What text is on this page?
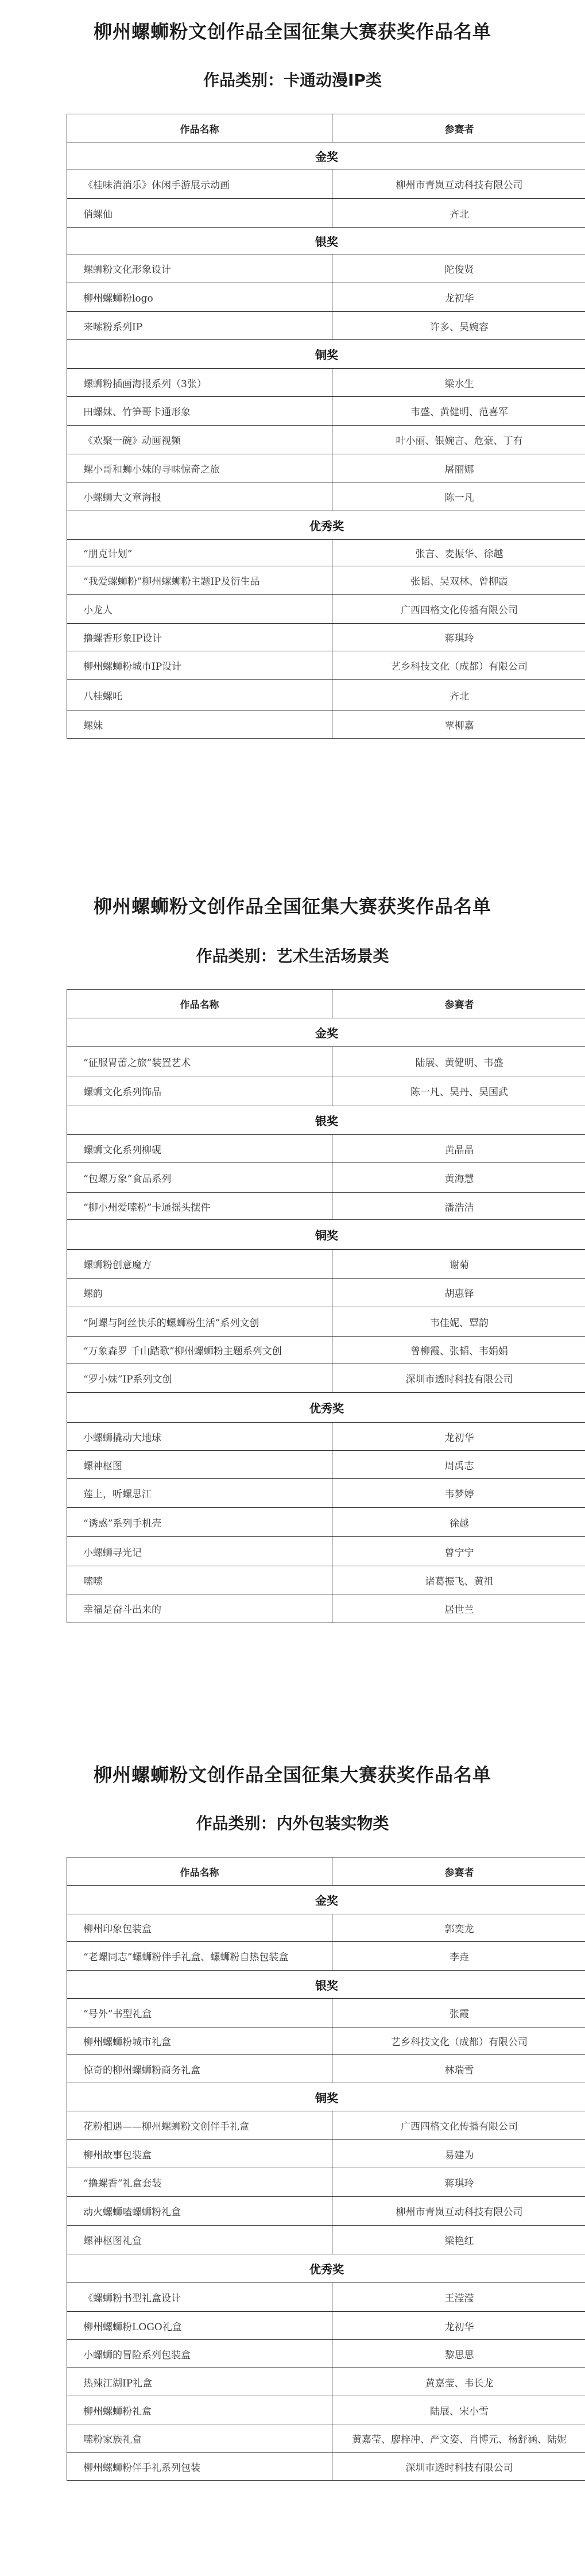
柳州螺蛳粉文创作品全国征集大赛获奖作品名单
作品类别：卡通动漫IP类
作品名称	参赛者
金奖	
《桂味消消乐》休闲手游展示动画	柳州市青岚互动科技有限公司
俏螺仙	齐北
银奖	
螺蛳粉文化形象设计	陀俊贤
柳州螺蛳粉logo	龙初华
来嗦粉系列IP	许多、吴婉容
铜奖	
螺蛳粉插画海报系列（3张）	梁水生
田螺妹、竹笋哥卡通形象	韦盛、黄健明、范喜军
《欢聚一碗》动画视频	叶小丽、银婉言、危豪、丁有
螺小哥和蛳小妹的寻味惊奇之旅	屠丽娜
小螺蛳大文章海报	陈一凡
优秀奖	
“朋克计划”	张言、麦振华、徐越
“我爱螺蛳粉”柳州螺蛳粉主题IP及衍生品	张韬、吴双林、曾柳霞
小龙人	广西四格文化传播有限公司
撸螺香形象IP设计	蒋琪玲
柳州螺蛳粉城市IP设计	艺乡科技文化（成都）有限公司
八桂螺吒	齐北
螺妹	覃柳嘉
柳州螺蛳粉文创作品全国征集大赛获奖作品名单
作品类别：艺术生活场景类
作品名称	参赛者
金奖	
“征服胃蕾之旅”装置艺术	陆展、黄健明、韦盛
螺蛳文化系列饰品	陈一凡、吴丹、吴国武
银奖	
螺蛳文化系列柳砚	黄晶晶
“包螺万象”食品系列	黄海慧
“柳小州爱嗦粉”卡通摇头摆件	潘浩洁
铜奖	
螺蛳粉创意魔方	谢菊
螺韵	胡惠铎
“阿螺与阿丝快乐的螺蛳粉生活”系列文创	韦佳妮、覃韵
“万象森罗 千山踏歌”柳州螺蛳粉主题系列文创	曾柳霞、张韬、韦娟娟
“罗小妹”IP系列文创	深圳市透时科技有限公司
优秀奖	
小螺蛳撬动大地球	龙初华
螺神枢图	周禹志
莲上，听螺思江	韦梦婷
“诱惑”系列手机壳	徐越
小螺蛳寻光记	曾宁宁
嗦嗦	诸葛振飞、黄祖
幸福是奋斗出来的	居世兰
柳州螺蛳粉文创作品全国征集大赛获奖作品名单
作品类别：内外包装实物类
作品名称	参赛者
金奖	
柳州印象包装盒	郭奕龙
“老螺同志”螺蛳粉伴手礼盒、螺蛳粉自热包装盒	李垚
银奖	
“号外”书型礼盒	张霞
柳州螺蛳粉城市礼盒	艺乡科技文化（成都）有限公司
惊奇的柳州螺蛳粉商务礼盒	林瑞雪
铜奖	
花粉相遇——柳州螺蛳粉文创伴手礼盒	广西四格文化传播有限公司
柳州故事包装盒	易建为
“撸螺香”礼盒套装	蒋琪玲
动火螺蛳嗑螺蛳粉礼盒	柳州市青岚互动科技有限公司
螺神枢图礼盒	梁艳红
优秀奖	
《螺蛳粉书型礼盒设计	王滢滢
柳州螺蛳粉LOGO礼盒	龙初华
小螺蛳的冒险系列包装盒	黎思思
热辣江湖IP礼盒	黄嘉莹、韦长龙
柳州螺蛳粉礼盒	陆展、宋小雪
嗦粉家族礼盒	黄嘉莹、廖梓冲、严文姿、肖博元、杨舒涵、陆妮
柳州螺蛳粉伴手礼系列包装	深圳市透时科技有限公司
